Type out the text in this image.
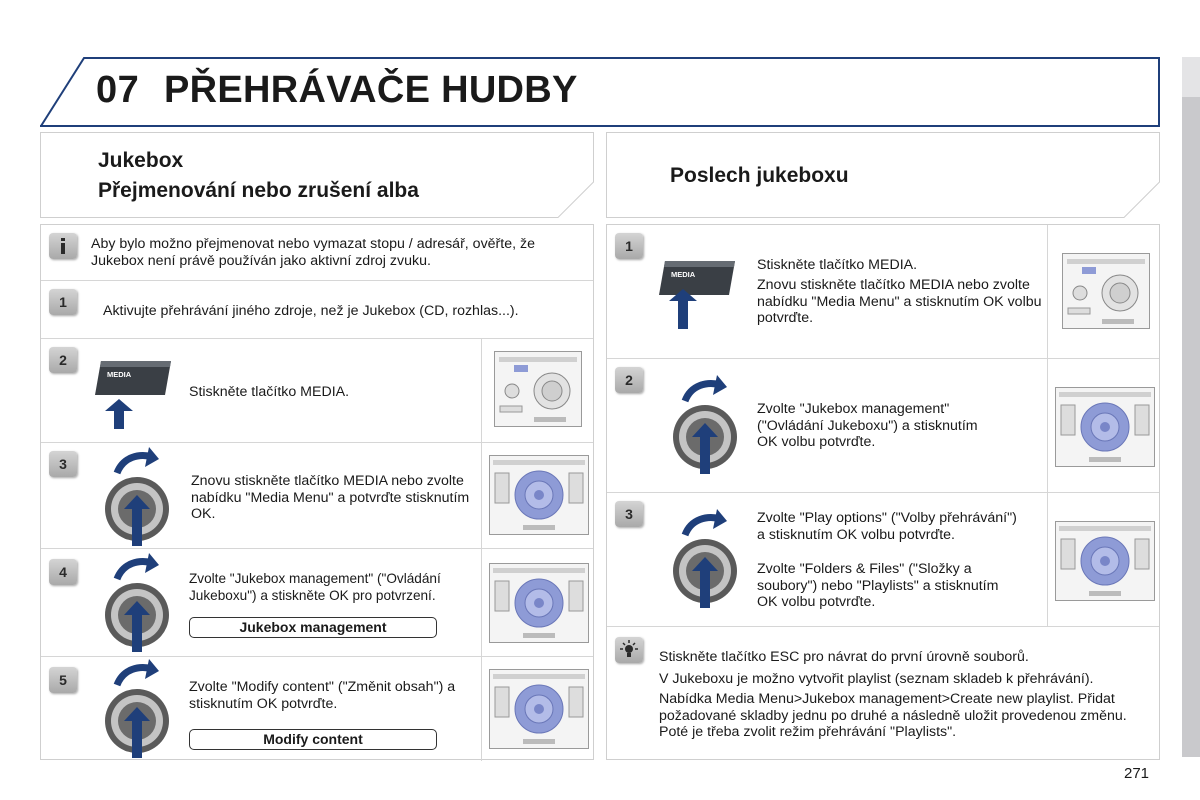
07 PŘEHRÁVAČE HUDBY
Jukebox
Přejmenování nebo zrušení alba
Poslech jukeboxu
Aby bylo možno přejmenovat nebo vymazat stopu / adresář, ověřte, že Jukebox není právě používán jako aktivní zdroj zvuku.
1
Aktivujte přehrávání jiného zdroje, než je Jukebox (CD, rozhlas...).
2
MEDIA
Stiskněte tlačítko MEDIA.
3
Znovu stiskněte tlačítko MEDIA nebo zvolte nabídku "Media Menu" a potvrďte stisknutím OK.
4	Zvolte "Jukebox management" ("Ovládání Jukeboxu") a stiskněte OK pro potvrzení.
Jukebox management
5	Zvolte "Modify content" ("Změnit obsah") a stisknutím OK potvrďte.
Modify content
1
MEDIA
Stiskněte tlačítko MEDIA.
Znovu stiskněte tlačítko MEDIA nebo zvolte nabídku "Media Menu" a stisknutím OK volbu potvrďte.
2
Zvolte "Jukebox management" ("Ovládání Jukeboxu") a stisknutím OK volbu potvrďte.
3	Zvolte "Play options" ("Volby přehrávání") a stisknutím OK volbu potvrďte.
Zvolte "Folders & Files" ("Složky a soubory") nebo "Playlists" a stisknutím OK volbu potvrďte.
Stiskněte tlačítko ESC pro návrat do první úrovně souborů.
V Jukeboxu je možno vytvořit playlist (seznam skladeb k přehrávání).
Nabídka Media Menu>Jukebox management>Create new playlist. Přidat požadované skladby jednu po druhé a následně uložit provedenou změnu. Poté je třeba zvolit režim přehrávání "Playlists".
271
